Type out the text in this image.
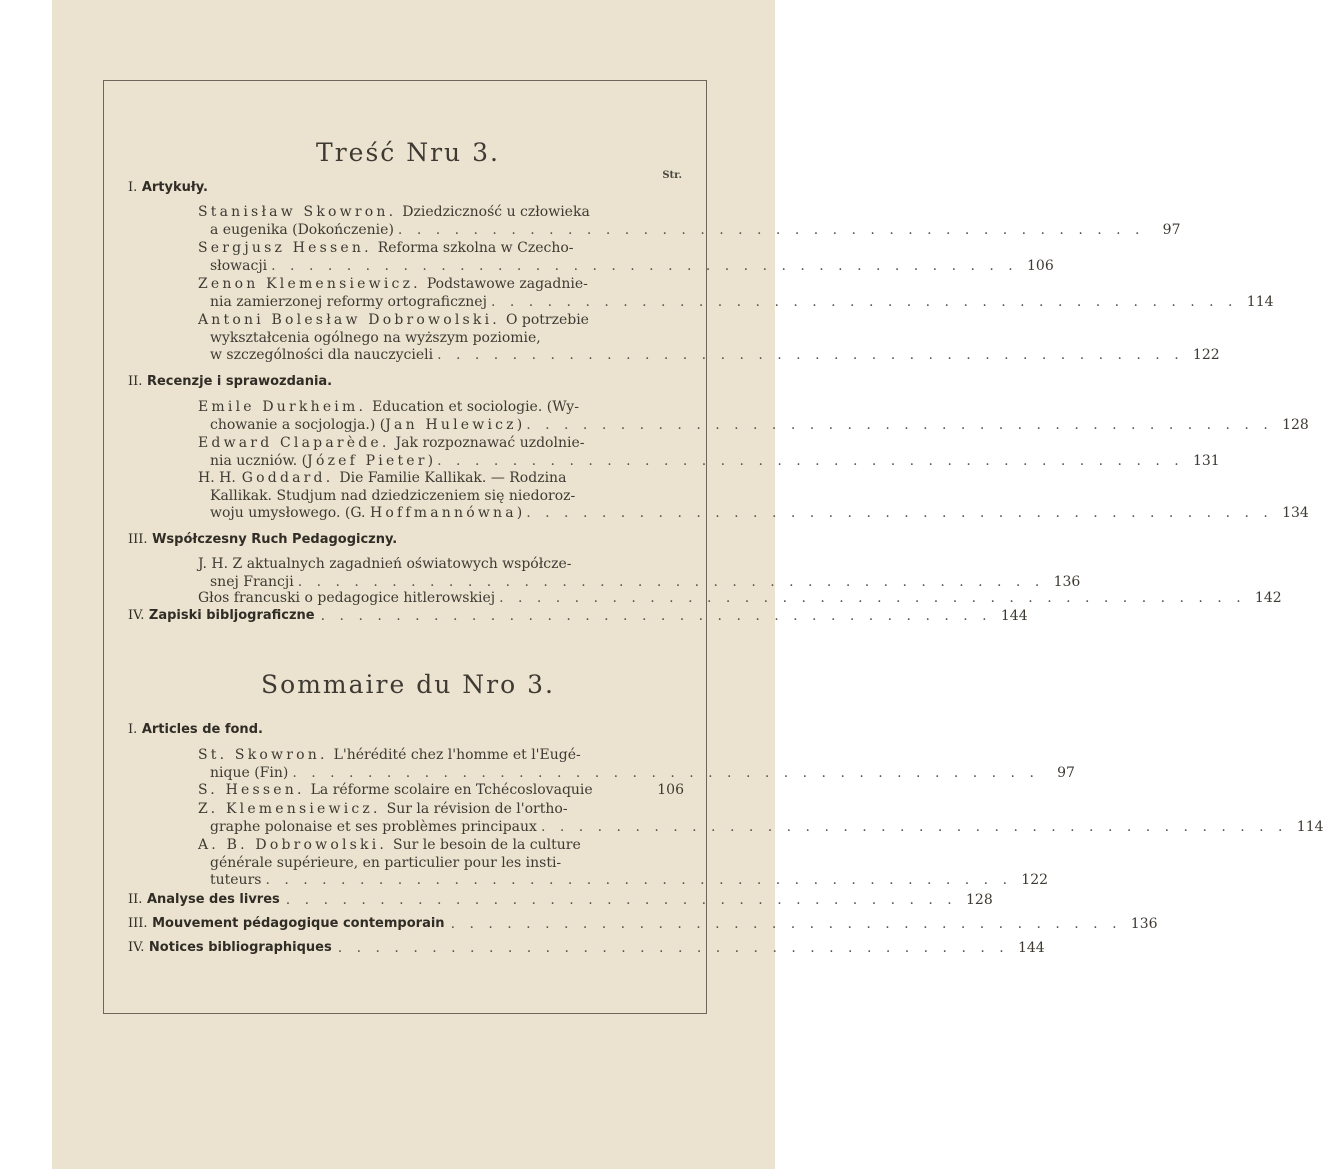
Treść Nru 3.
Str.
I. Artykuły.
Stanisław Skowron. Dziedziczność u człowieka
a eugenika (Dokończenie) . . . . . . . . . . . . . . . . . . . . . . . . . . . . . . . . . . . . . . . .	97
Sergjusz Hessen. Reforma szkolna w Czecho-
słowacji . . . . . . . . . . . . . . . . . . . . . . . . . . . . . . . . . . . . . . . . 106
Zenon Klemensiewicz. Podstawowe zagadnie-
nia zamierzonej reformy ortograficznej . . . . . . . . . . . . . . . . . . . . . . . . . . . . . . . . . . . . . . . . 114
Antoni Bolesław Dobrowolski. O potrzebie
wykształcenia ogólnego na wyższym poziomie,
w szczególności dla nauczycieli . . . . . . . . . . . . . . . . . . . . . . . . . . . . . . . . . . . . . . . . 122
II. Recenzje i sprawozdania.
Emile Durkheim. Education et sociologie. (Wy-
chowanie a socjologja.) (Jan Hulewicz) . . . . . . . . . . . . . . . . . . . . . . . . . . . . . . . . . . . . . . . . 128
Edward Claparède. Jak rozpoznawać uzdolnie-
nia uczniów. (Józef Pieter) . . . . . . . . . . . . . . . . . . . . . . . . . . . . . . . . . . . . . . . . 131
H. H. Goddard. Die Familie Kallikak. — Rodzina
Kallikak. Studjum nad dziedziczeniem się niedoroz-
woju umysłowego. (G. Hoffmannówna) . . . . . . . . . . . . . . . . . . . . . . . . . . . . . . . . . . . . . . . . 134
III. Współczesny Ruch Pedagogiczny.
J. H. Z aktualnych zagadnień oświatowych współcze-
snej Francji . . . . . . . . . . . . . . . . . . . . . . . . . . . . . . . . . . . . . . . . 136
Głos francuski o pedagogice hitlerowskiej . . . . . . . . . . . . . . . . . . . . . . . . . . . . . . . . . . . . . . . . 142
IV. Zapiski bibljograficzne . . . . . . . . . . . . . . . . . . . . . . . . . . . . . . . . . . . . 144
Sommaire du Nro 3.
I. Articles de fond.
St. Skowron. L'hérédité chez l'homme et l'Eugé-
nique (Fin) . . . . . . . . . . . . . . . . . . . . . . . . . . . . . . . . . . . . . . . .	97
S. Hessen. La réforme scolaire en Tchécoslovaquie	106
Z. Klemensiewicz. Sur la révision de l'ortho-
graphe polonaise et ses problèmes principaux . . . . . . . . . . . . . . . . . . . . . . . . . . . . . . . . . . . . . . . . 114
A. B. Dobrowolski. Sur le besoin de la culture
générale supérieure, en particulier pour les insti-
tuteurs . . . . . . . . . . . . . . . . . . . . . . . . . . . . . . . . . . . . . . . . 122
II. Analyse des livres . . . . . . . . . . . . . . . . . . . . . . . . . . . . . . . . . . . . 128
III. Mouvement pédagogique contemporain . . . . . . . . . . . . . . . . . . . . . . . . . . . . . . . . . . . . 136
IV. Notices bibliographiques . . . . . . . . . . . . . . . . . . . . . . . . . . . . . . . . . . . . 144
